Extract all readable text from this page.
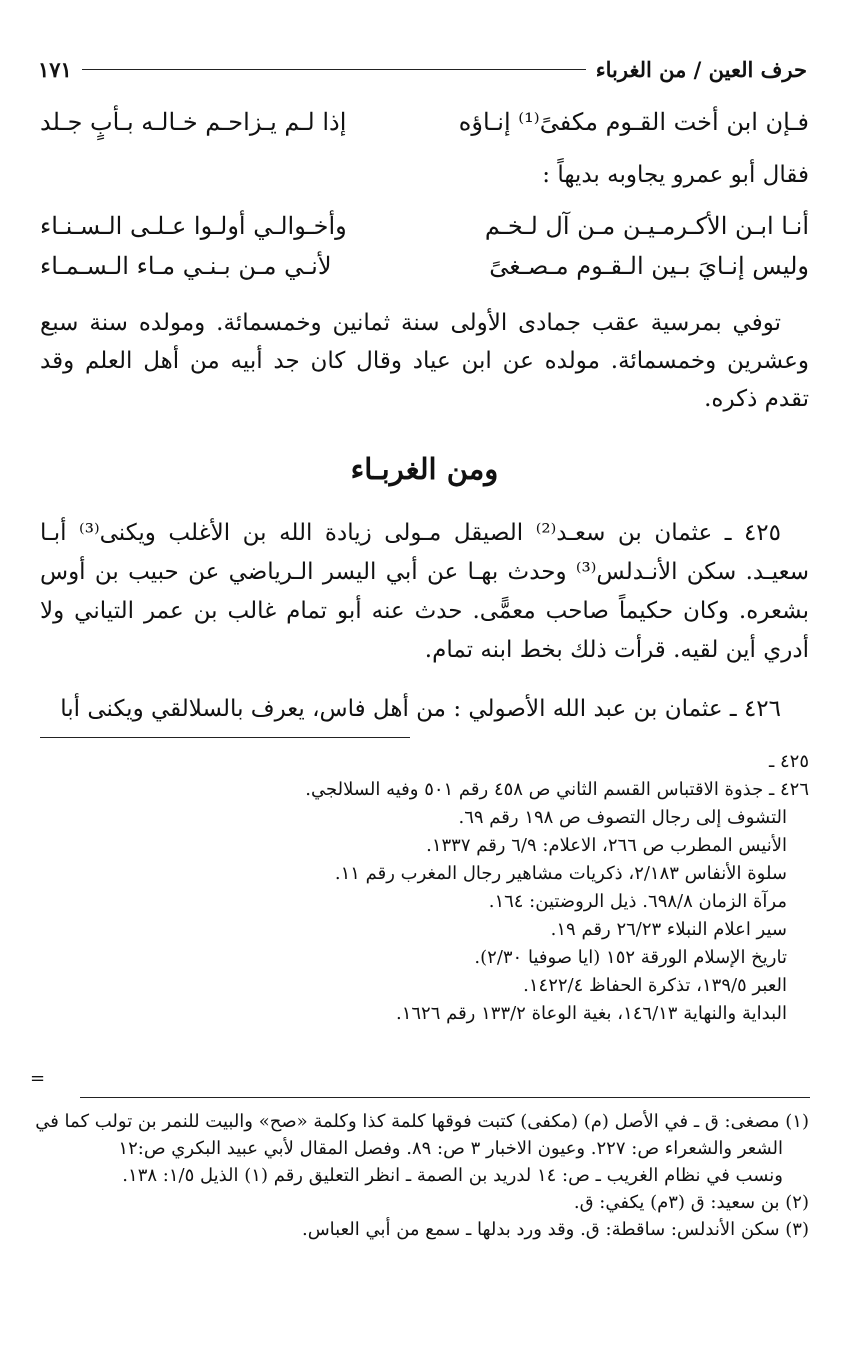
حرف العين / من الغرباء
١٧١
فـإن ابن أخت القـوم مكفىً⁽¹⁾ إنـاؤه
إذا لـم يـزاحـم خـالـه بـأبٍ جـلد
فقال أبو عمرو يجاوبه بديهاً :
أنـا ابـن الأكـرمـيـن مـن آل لـخـم
وأخـوالـي أولـوا عـلـى الـسـنـاء
وليس إنـايَ بـين الـقـوم مـصـغىً
لأنـي مـن بـنـي مـاء الـسـمـاء
توفي بمرسية عقب جمادى الأولى سنة ثمانين وخمسمائة. ومولده سنة سبع وعشرين وخمسمائة. مولده عن ابن عياد وقال كان جد أبيه من أهل العلم وقد تقدم ذكره.
ومن الغربـاء
٤٢٥ ـ عثمان بن سعـد⁽²⁾ الصيقل مـولى زيادة الله بن الأغلب ويكنى⁽³⁾ أبـا سعيـد. سكن الأنـدلس⁽³⁾ وحدث بهـا عن أبي اليسر الـرياضي عن حبيب بن أوس بشعره. وكان حكيماً صاحب معمًّى. حدث عنه أبو تمام غالب بن عمر التياني ولا أدري أين لقيه. قرأت ذلك بخط ابنه تمام.
٤٢٦ ـ عثمان بن عبد الله الأصولي : من أهل فاس، يعرف بالسلالقي ويكنى أبا
٤٢٥ ـ
٤٢٦ ـ جذوة الاقتباس القسم الثاني ص ٤٥٨ رقم ٥٠١ وفيه السلالجي.
التشوف إلى رجال التصوف ص ١٩٨ رقم ٦٩.
الأنيس المطرب ص ٢٦٦، الاعلام: ٦/٩ رقم ١٣٣٧.
سلوة الأنفاس ٢/١٨٣، ذكريات مشاهير رجال المغرب رقم ١١.
مرآة الزمان ٦٩٨/٨. ذيل الروضتين: ١٦٤.
سير اعلام النبلاء ٢٦/٢٣ رقم ١٩.
تاريخ الإسلام الورقة ١٥٢ (ايا صوفيا ٢/٣٠).
العبر ١٣٩/٥، تذكرة الحفاظ ١٤٢٢/٤.
البداية والنهاية ١٤٦/١٣، بغية الوعاة ١٣٣/٢ رقم ١٦٢٦.
=
(١) مصغى: ق ـ في الأصل (م) (مكفى) كتبت فوقها كلمة كذا وكلمة «صح» والبيت للنمر بن تولب كما في
الشعر والشعراء ص: ٢٢٧. وعيون الاخبار ٣ ص: ٨٩. وفصل المقال لأبي عبيد البكري ص:١٢
ونسب في نظام الغريب ـ ص: ١٤ لدريد بن الصمة ـ انظر التعليق رقم (١) الذيل ١/٥: ١٣٨.
(٢) بن سعيد: ق (٣م) يكفي: ق.
(٣) سكن الأندلس: ساقطة: ق. وقد ورد بدلها ـ سمع من أبي العباس.
